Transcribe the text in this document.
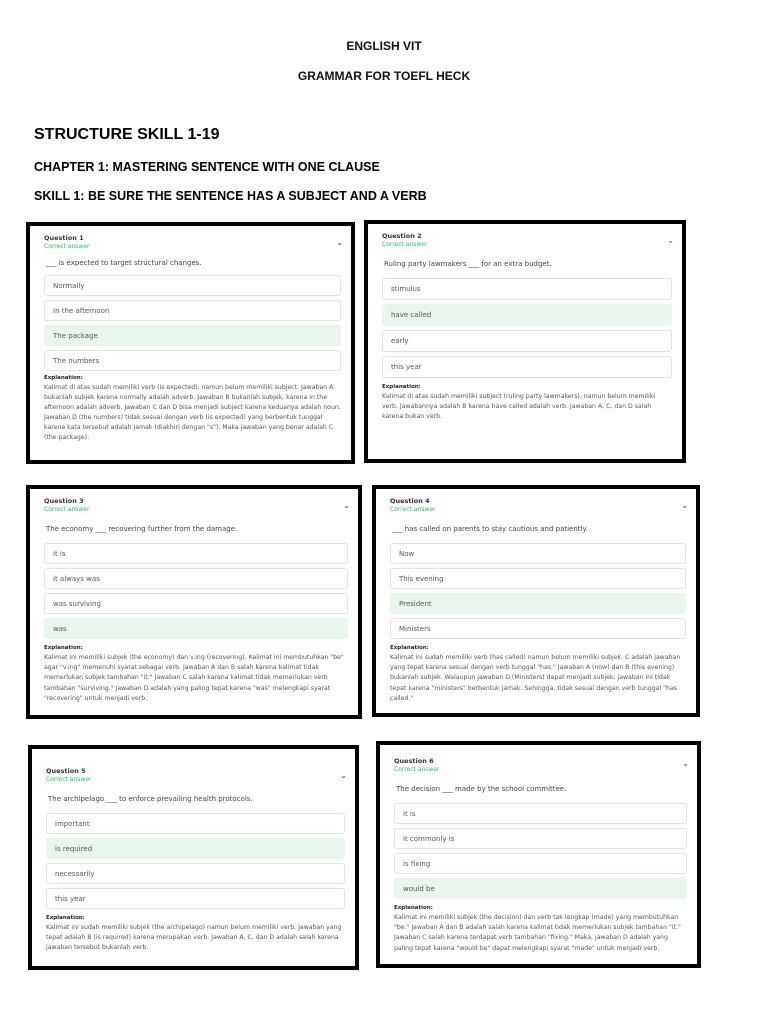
ENGLISH VIT
GRAMMAR FOR TOEFL HECK
STRUCTURE SKILL 1-19
CHAPTER 1: MASTERING SENTENCE WITH ONE CLAUSE
SKILL 1: BE SURE THE SENTENCE HAS A SUBJECT AND A VERB
Question 1
Correct answer	⌄
___ is expected to target structural changes.
Normally
In the afternoon
The package
The numbers
Explanation:
Kalimat di atas sudah memiliki verb (is expected), namun belum memiliki subject. Jawaban A bukanlah subjek karena normally adalah adverb. Jawaban B bukanlah subjek, karena in the afternoon adalah adverb. Jawaban C dan D bisa menjadi subject karena keduanya adalah noun. Jawaban D (the numbers) tidak sesuai dengan verb (is expected) yang berbentuk tunggal karena kata tersebut adalah jamak (diakhiri dengan "s"). Maka jawaban yang benar adalah C (the package).
Question 2
Correct answer	⌄
Ruling party lawmakers ___ for an extra budget.
stimulus
have called
early
this year
Explanation:
Kalimat di atas sudah memiliki subject (ruling party lawmakers), namun belum memiliki verb. Jawabannya adalah B karena have called adalah verb. Jawaban A, C, dan D salah karena bukan verb.
Question 3
Correct answer	⌄
The economy ___ recovering further from the damage.
it is
it always was
was surviving
was
Explanation:
Kalimat ini memiliki subjek (the economy) dan v.ing (recovering). Kalimat ini membutuhkan "be" agar "v.ing" memenuhi syarat sebagai verb. Jawaban A dan B salah karena kalimat tidak memerlukan subjek tambahan "it." Jawaban C salah karena kalimat tidak memerlukan verb tambahan "surviving." Jawaban D adalah yang paling tepat karena "was" melengkapi syarat "recovering" untuk menjadi verb.
Question 4
Correct answer	⌄
___ has called on parents to stay cautious and patiently.
Now
This evening
President
Ministers
Explanation:
Kalimat ini sudah memiliki verb (has called) namun belum memiliki subjek. C adalah jawaban yang tepat karena sesuai dengan verb tunggal "has." Jawaban A (now) dan B (this evening) bukanlah subjek. Walaupun jawaban D (Ministers) dapat menjadi subjek, jawaban ini tidak tepat karena "ministers" berbentuk jamak. Sehingga, tidak sesuai dengan verb tunggal "has called."
Question 5
Correct answer	⌄
The archipelago ___ to enforce prevailing health protocols.
important
is required
necessarily
this year
Explanation:
Kalimat ini sudah memiliki subjek (the archipelago) namun belum memiliki verb. Jawaban yang tepat adalah B (is required) karena merupakan verb. Jawaban A, C, dan D adalah salah karena jawaban tersebut bukanlah verb.
Question 6
Correct answer
⌄
The decision ___ made by the school committee.
it is
it commonly is
is fixing
would be
Explanation:
Kalimat ini memiliki subjek (the decision) dan verb tak lengkap (made) yang membutuhkan "be." Jawaban A dan B adalah salah karena kalimat tidak memerlukan subjek tambahan "it." Jawaban C salah karena terdapat verb tambahan "fixing." Maka, jawaban D adalah yang paling tepat karena "would be" dapat melengkapi syarat "made" untuk menjadi verb.
